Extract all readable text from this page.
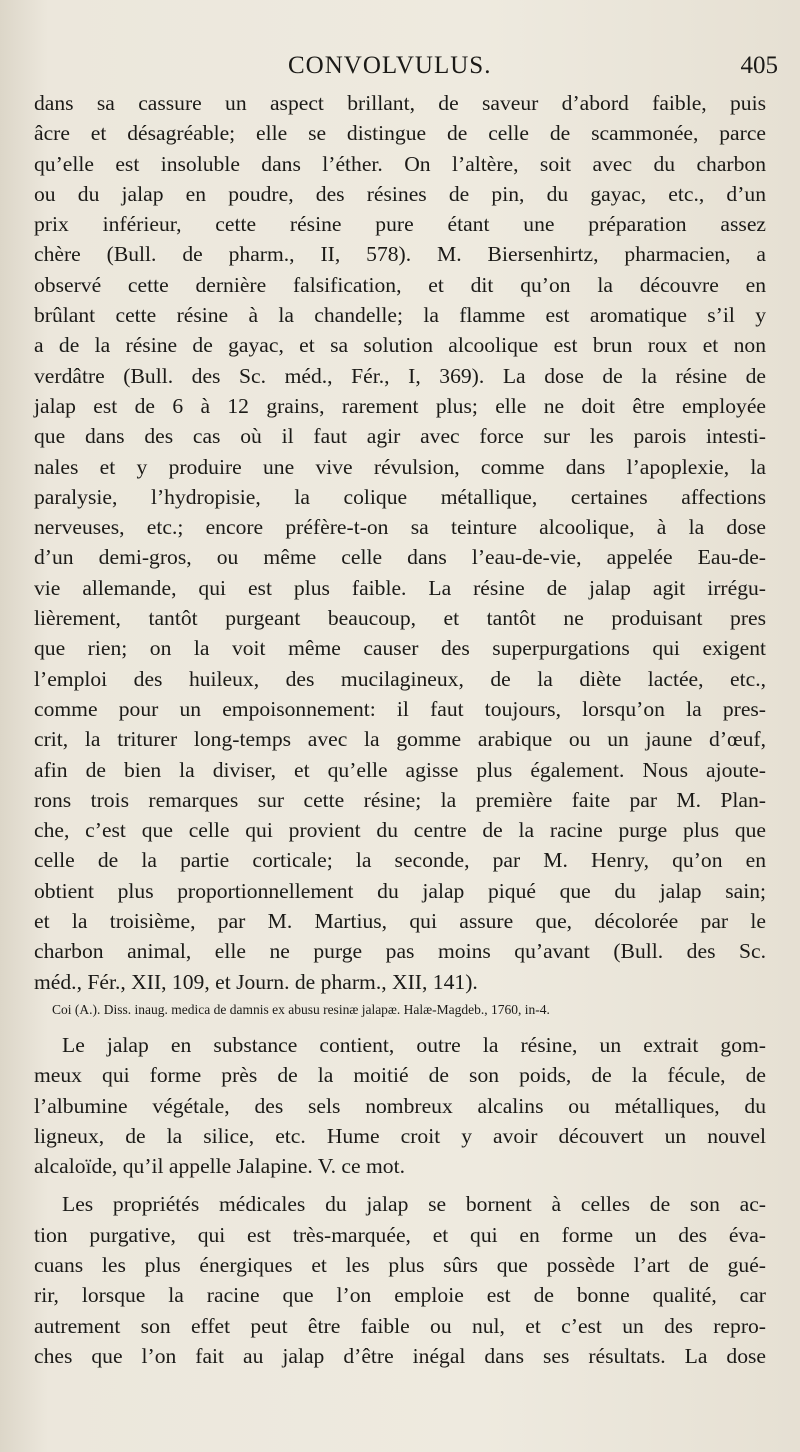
CONVOLVULUS.	405
dans sa cassure un aspect brillant, de saveur d’abord faible, puis
âcre et désagréable; elle se distingue de celle de scammonée, parce
qu’elle est insoluble dans l’éther. On l’altère, soit avec du charbon
ou du jalap en poudre, des résines de pin, du gayac, etc., d’un
prix inférieur, cette résine pure étant une préparation assez
chère (Bull. de pharm., II, 578). M. Biersenhirtz, pharmacien, a
observé cette dernière falsification, et dit qu’on la découvre en
brûlant cette résine à la chandelle; la flamme est aromatique s’il y
a de la résine de gayac, et sa solution alcoolique est brun roux et non
verdâtre (Bull. des Sc. méd., Fér., I, 369). La dose de la résine de
jalap est de 6 à 12 grains, rarement plus; elle ne doit être employée
que dans des cas où il faut agir avec force sur les parois intesti-
nales et y produire une vive révulsion, comme dans l’apoplexie, la
paralysie, l’hydropisie, la colique métallique, certaines affections
nerveuses, etc.; encore préfère-t-on sa teinture alcoolique, à la dose
d’un demi-gros, ou même celle dans l’eau-de-vie, appelée Eau-de-
vie allemande, qui est plus faible. La résine de jalap agit irrégu-
lièrement, tantôt purgeant beaucoup, et tantôt ne produisant pres
que rien; on la voit même causer des superpurgations qui exigent
l’emploi des huileux, des mucilagineux, de la diète lactée, etc.,
comme pour un empoisonnement: il faut toujours, lorsqu’on la pres-
crit, la triturer long-temps avec la gomme arabique ou un jaune d’œuf,
afin de bien la diviser, et qu’elle agisse plus également. Nous ajoute-
rons trois remarques sur cette résine; la première faite par M. Plan-
che, c’est que celle qui provient du centre de la racine purge plus que
celle de la partie corticale; la seconde, par M. Henry, qu’on en
obtient plus proportionnellement du jalap piqué que du jalap sain;
et la troisième, par M. Martius, qui assure que, décolorée par le
charbon animal, elle ne purge pas moins qu’avant (Bull. des Sc.
méd., Fér., XII, 109, et Journ. de pharm., XII, 141).
Coi (A.). Diss. inaug. medica de damnis ex abusu resinæ jalapæ. Halæ-Magdeb., 1760, in-4.
Le jalap en substance contient, outre la résine, un extrait gom-
meux qui forme près de la moitié de son poids, de la fécule, de
l’albumine végétale, des sels nombreux alcalins ou métalliques, du
ligneux, de la silice, etc. Hume croit y avoir découvert un nouvel
alcaloïde, qu’il appelle Jalapine. V. ce mot.
Les propriétés médicales du jalap se bornent à celles de son ac-
tion purgative, qui est très-marquée, et qui en forme un des éva-
cuans les plus énergiques et les plus sûrs que possède l’art de gué-
rir, lorsque la racine que l’on emploie est de bonne qualité, car
autrement son effet peut être faible ou nul, et c’est un des repro-
ches que l’on fait au jalap d’être inégal dans ses résultats. La dose
